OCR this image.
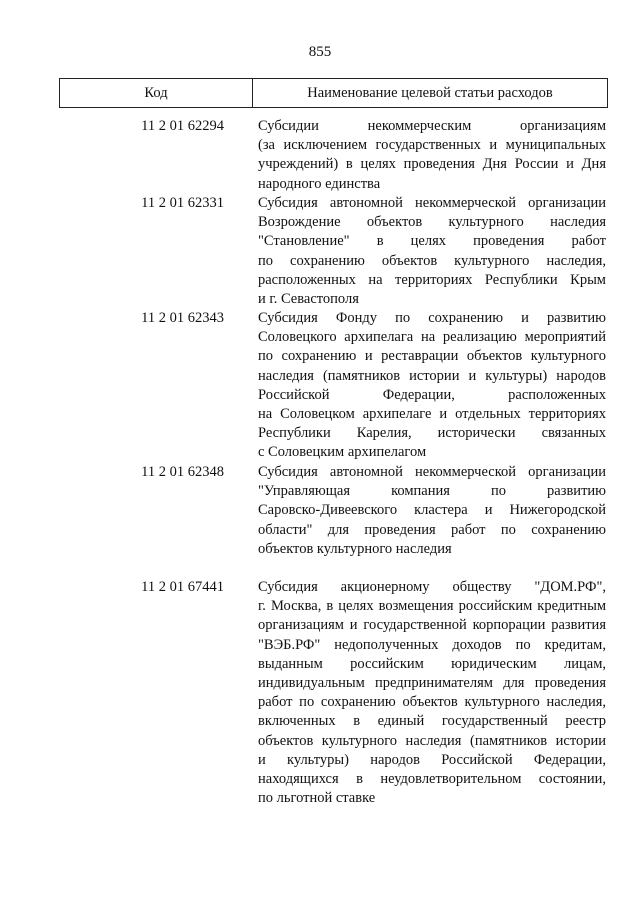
855
Код	Наименование целевой статьи расходов
11 2 01 62294	Субсидии некоммерческим организациям
(за исключением государственных и муниципальных
учреждений) в целях проведения Дня России и Дня
народного единства
11 2 01 62331	Субсидия автономной некоммерческой организации
Возрождение объектов культурного наследия
"Становление" в целях проведения работ
по сохранению объектов культурного наследия,
расположенных на территориях Республики Крым
и г. Севастополя
11 2 01 62343	Субсидия Фонду по сохранению и развитию
Соловецкого архипелага на реализацию мероприятий
по сохранению и реставрации объектов культурного
наследия (памятников истории и культуры) народов
Российской Федерации, расположенных
на Соловецком архипелаге и отдельных территориях
Республики Карелия, исторически связанных
с Соловецким архипелагом
11 2 01 62348	Субсидия автономной некоммерческой организации
"Управляющая компания по развитию
Саровско-Дивеевского кластера и Нижегородской
области" для проведения работ по сохранению
объектов культурного наследия
11 2 01 67441	Субсидия акционерному обществу "ДОМ.РФ",
г. Москва, в целях возмещения российским кредитным
организациям и государственной корпорации развития
"ВЭБ.РФ" недополученных доходов по кредитам,
выданным российским юридическим лицам,
индивидуальным предпринимателям для проведения
работ по сохранению объектов культурного наследия,
включенных в единый государственный реестр
объектов культурного наследия (памятников истории
и культуры) народов Российской Федерации,
находящихся в неудовлетворительном состоянии,
по льготной ставке
